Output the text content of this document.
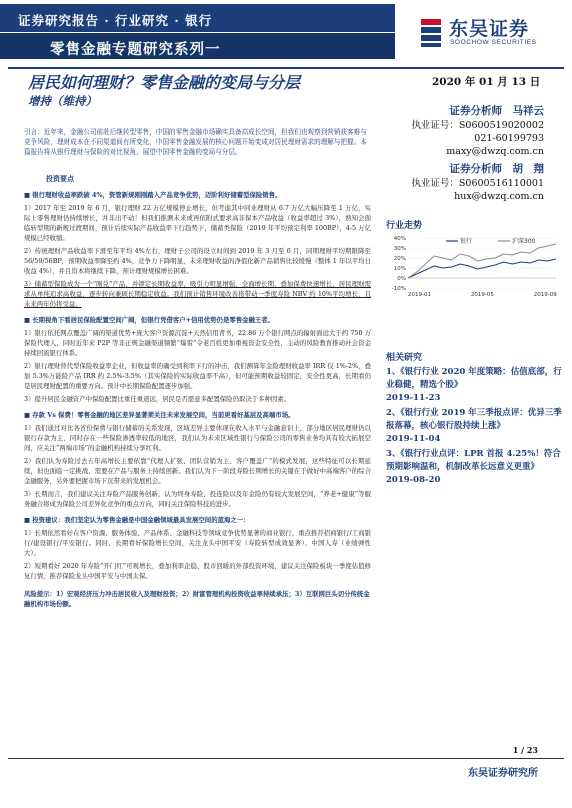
证券研究报告 · 行业研究 · 银行
零售金融专题研究系列一
东吴证券
SOOCHOW SECURITIES
居民如何理财？零售金融的变局与分层
增持（维持）
2020 年 01 月 13 日
证券分析师　马祥云
执业证号：S0600519020002
021-60199793
maxy@dwzq.com.cn
证券分析师　胡　翔
执业证号：S0600516110001
hux@dwzq.com.cn
引言：近年来，金融公司前赴后继转型零售，中国的零售金融市场确实具备高成长空间，但我们也观察到营销获客难与竞争风险，理财成本在不同渠道间有所变化，中国零售金融发展的核心问题开始变成对居民理财需求的理解与把握。本篇报告将从银行理财与保险的对比视角，展望中国零售金融的变局与分层。
投资要点
■ 银行理财收益率跌破 4%，资管新规刚刚踏入产品竞争优势，迈阶利好储蓄型保险销售。

1）2017 年至 2019 年 6 月，银行理财 22 万亿规模停止增长，但考虑其中同业理财从 6.7 万亿大幅压降至 1 万亿，实际上零售理财仍持续增长，并非出不动！但我们推测未来或再依附式要求高非保本产品收益（收益率超过 3%），熟知会面临转型期的新规过渡期间，预计后续实际产品收益率下行趋势下，储蓄类保险（2019 年平均预定利率 100BP），4-5 万亿规模已经收缩。

2）传统理财产品收益率下滑至年平均 4%左右，理财子公司的设立时间到 2019 年 3 月至 6 月，同期理财平均期限降至 56/59/56BP，预期收益率降至约 4%，竞争力下降明显，未来理财收益的净值化新产品销售比较缓慢（整体 1 年以平均日收益 4%），并且资本将继续下降，预计理财规模增长困难。

3）储蓄型保险成为一个“刚兑”产品，并锁定长期收益率，吸引力明显增强，全面增长期，叠加保费快速增长，居民理财需求从单纯追求高收益，逐步转向兼顾长期稳定收益。我们预计销售环境改善将带动一季度寿险 NBV 约 10%平均增长，且未来两年仍将受益。

■ 长期视角下看居民保险配置空间广阔，但银行凭借客户+信用优势仍是零售金融王者。

1）银行依托网点覆盖广阔的渠道优势+庞大客户资源沉淀+天然信用背书，22.86 万个银行网点的辐射面远大于约 750 万保险代理人，同时近年来 P2P 等非正规金融渠道频繁“爆雷”令老百姓更加重视资金安全性，主动的风险教育推动社会资金持续回流银行体系。

2）银行理财替代型保险收益率企业，但收益率的确受到利率下行的冲击，我们测算年金险理财收益率 IRR 仅 1%-2%，叠加 5.3%万能险产品 IRR 约 2.5%-3.5%（其实保险的实际收益率不高），但可能预期收益较固定，安全性更高，长期看仍是居民理财配置的重要方向。预计中长期保险配置逐步加强。

3）提升居民金融资产中保险配置比重任重道远，居民是否愿意多配置保险仍取决于多种因素。

■ 存款 Vs 保费！零售金融的地区差异显著须关注未来发展空间，当前更看好基层及高端市场。

1）我们通过对比各省份保费与银行储蓄的关系发现，区域差异主要体现在收入水平与金融意识上，部分地区居民理财仍以银行存款为主，同时存在一些保险渗透率较低的地区，我们认为未来区域性银行与保险公司的零售业务均具有较大拓展空间，应关注“两端市场”的金融机构持续分享红利。

2）我们认为寿险过去五年高增长主要依靠“代理人扩张、团队营销为主、客户覆盖广”的模式发展，这些特征可以长期延续，但也面临一定挑战，需要在产品与服务上持续创新。我们认为下一阶段寿险长期增长的关键在于做好中高端客户的综合金融服务，另外要把握市场下沉带来的发展机会。

3）长期而言，我们建议关注寿险产品服务创新，认为终身寿险、投连险以及年金险仍有较大发展空间，“养老+健康”等服务融合将成为保险公司差异化竞争的重点方向，同时关注保险科技的进步。

■ 投资建议：我们坚定认为零售金融是中国金融领域最具发展空间的蓝海之一：

1）长期依然看好在客户资源、服务体验、产品体系、金融科技等领域竞争优势显著的商业银行，重点推荐招商银行/工商银行/建设银行/平安银行。同时，长期看好保险增长空间，关注龙头中国平安（寿险转型成效显著）、中国人寿（业绩弹性大）。

2）短期看好 2020 年寿险“开门红”可观增长，叠加利率企稳、股市回暖的外部投资环境，建议关注保险板块一季度估值修复行情，推荐保险龙头中国平安与中国太保。

风险提示：1）宏观经济压力冲击居民收入及理财投资；2）财富管理机构投资收益率持续承压；3）互联网巨头切分传统金融机构市场份额。
行业走势
40%
30%
20%
10%
0%
-10%
2019-01	2019-05	2019-09
银行	沪深300
相关研究
1、《银行行业 2020 年度策略：估值底部，行业稳健，精选个股》
2019-11-23
2、《银行行业 2019 年三季报点评：优异三季报落幕，核心银行股持续上涨》
2019-11-04
3、《银行行业点评：LPR 首报 4.25%！符合预期影响温和，机制改革长远意义更重》
2019-08-20
1 / 23
东吴证券研究所
